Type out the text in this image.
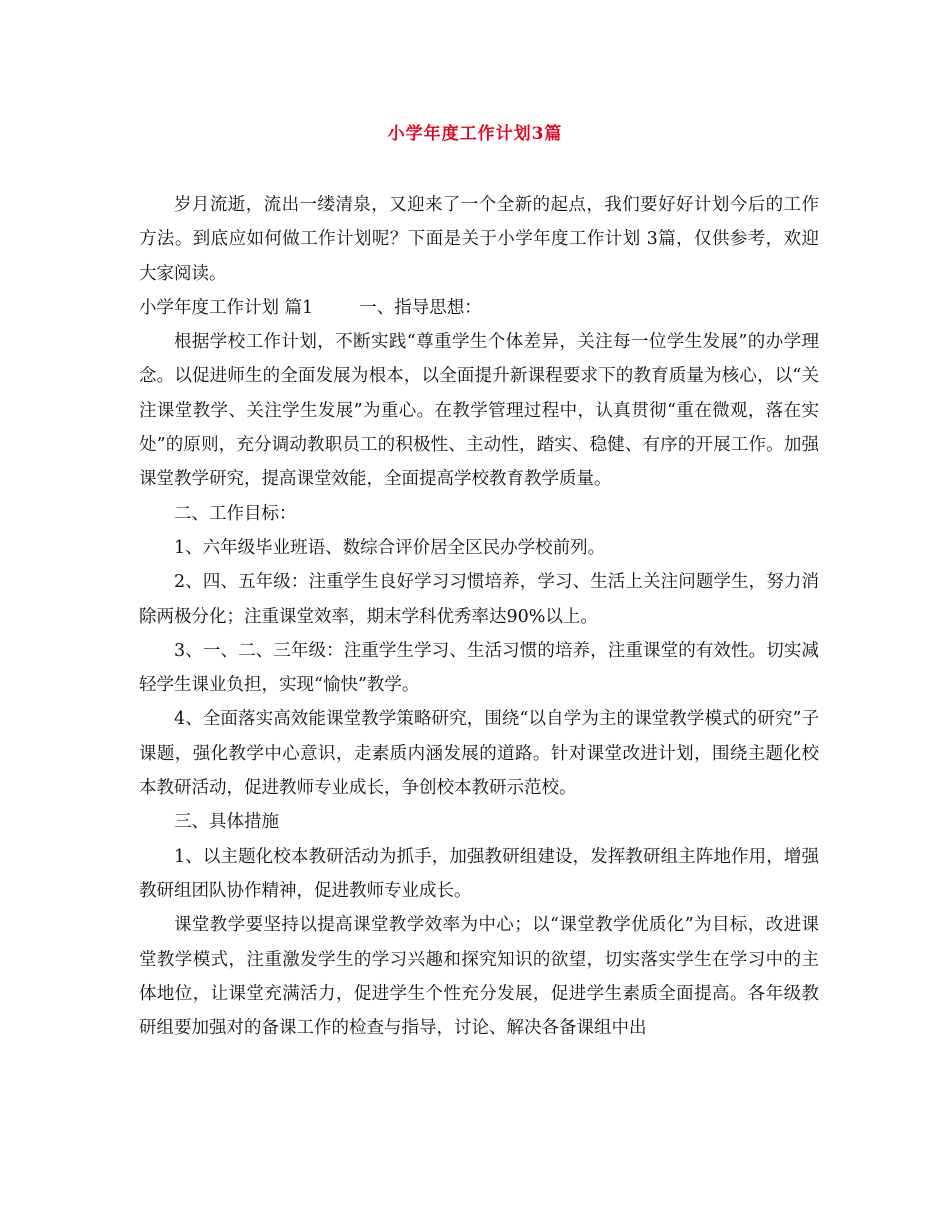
小学年度工作计划3篇

岁月流逝，流出一缕清泉，又迎来了一个全新的起点，我们要好好计划今后的工作方法。到底应如何做工作计划呢？下面是关于小学年度工作计划 3篇，仅供参考，欢迎大家阅读。

小学年度工作计划 篇1	一、指导思想：

根据学校工作计划，不断实践“尊重学生个体差异，关注每一位学生发展”的办学理念。以促进师生的全面发展为根本，以全面提升新课程要求下的教育质量为核心，以“关注课堂教学、关注学生发展”为重心。在教学管理过程中，认真贯彻“重在微观，落在实处”的原则，充分调动教职员工的积极性、主动性，踏实、稳健、有序的开展工作。加强课堂教学研究，提高课堂效能，全面提高学校教育教学质量。

二、工作目标：

1、六年级毕业班语、数综合评价居全区民办学校前列。

2、四、五年级：注重学生良好学习习惯培养，学习、生活上关注问题学生，努力消除两极分化；注重课堂效率，期末学科优秀率达90%以上。

3、一、二、三年级：注重学生学习、生活习惯的培养，注重课堂的有效性。切实减轻学生课业负担，实现“愉快”教学。

4、全面落实高效能课堂教学策略研究，围绕“以自学为主的课堂教学模式的研究”子课题，强化教学中心意识，走素质内涵发展的道路。针对课堂改进计划，围绕主题化校本教研活动，促进教师专业成长，争创校本教研示范校。

三、具体措施

1、以主题化校本教研活动为抓手，加强教研组建设，发挥教研组主阵地作用，增强教研组团队协作精神，促进教师专业成长。

课堂教学要坚持以提高课堂教学效率为中心；以“课堂教学优质化”为目标，改进课堂教学模式，注重激发学生的学习兴趣和探究知识的欲望，切实落实学生在学习中的主体地位，让课堂充满活力，促进学生个性充分发展，促进学生素质全面提高。各年级教研组要加强对的备课工作的检查与指导，讨论、解决各备课组中出
